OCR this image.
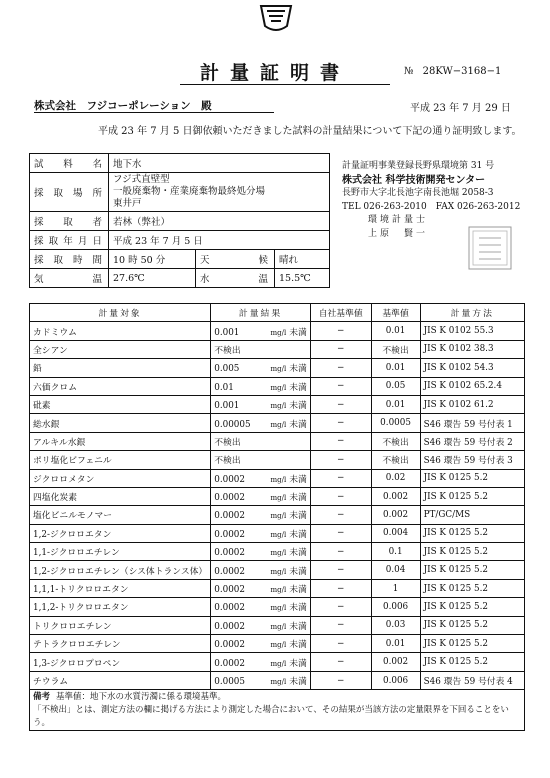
計量証明書	№ 28KW−3168−1
株式会社　フジコーポレーション　殿	平成 23 年 7 月 29 日
平成 23 年 7 月 5 日御依頼いただきました試料の計量結果について下記の通り証明致します。
試料名	地下水		
採取場所	フジ式直壁型
一般廃棄物・産業廃棄物最終処分場
東井戸		

採取者	若林（弊社）		
採取年月日	平成 23 年 7 月 5 日		
採取時間	10 時 50 分	天候	晴れ
気温	27.6℃	水温	15.5℃
計量証明事業登録長野県環境第 31 号
株式会社 科学技術開発センター
長野市大字北長池字南長池堀 2058-3
TEL 026-263-2010　FAX 026-263-2012
環境計量士
上原　賢一
計量対象	計量結果	自社基準値	基準値	計量方法
カドミウム	0.001 mg/l 未満	−	0.01	JIS K 0102 55.3
全シアン	不検出	−	不検出	JIS K 0102 38.3
鉛	0.005 mg/l 未満	−	0.01	JIS K 0102 54.3
六価クロム	0.01 mg/l 未満	−	0.05	JIS K 0102 65.2.4
砒素	0.001 mg/l 未満	−	0.01	JIS K 0102 61.2
総水銀	0.00005 mg/l 未満	−	0.0005	S46 環告 59 号付表 1
アルキル水銀	不検出	−	不検出	S46 環告 59 号付表 2
ポリ塩化ビフェニル	不検出	−	不検出	S46 環告 59 号付表 3
ジクロロメタン	0.0002 mg/l 未満	−	0.02	JIS K 0125 5.2
四塩化炭素	0.0002 mg/l 未満	−	0.002	JIS K 0125 5.2
塩化ビニルモノマー	0.0002 mg/l 未満	−	0.002	PT/GC/MS
1,2-ジクロロエタン	0.0002 mg/l 未満	−	0.004	JIS K 0125 5.2
1,1-ジクロロエチレン	0.0002 mg/l 未満	−	0.1	JIS K 0125 5.2
1,2-ジクロロエチレン（シス体トランス体）	0.0002 mg/l 未満	−	0.04	JIS K 0125 5.2
1,1,1-トリクロロエタン	0.0002 mg/l 未満	−	1	JIS K 0125 5.2
1,1,2-トリクロロエタン	0.0002 mg/l 未満	−	0.006	JIS K 0125 5.2
トリクロロエチレン	0.0002 mg/l 未満	−	0.03	JIS K 0125 5.2
テトラクロロエチレン	0.0002 mg/l 未満	−	0.01	JIS K 0125 5.2
1,3-ジクロロプロペン	0.0002 mg/l 未満	−	0.002	JIS K 0125 5.2
チウラム	0.0005 mg/l 未満	−	0.006	S46 環告 59 号付表 4

備考 基準値：地下水の水質汚濁に係る環境基準。
「不検出」とは、測定方法の欄に掲げる方法により測定した場合において、その結果が当該方法の定量限界を下回ることをいう。				
